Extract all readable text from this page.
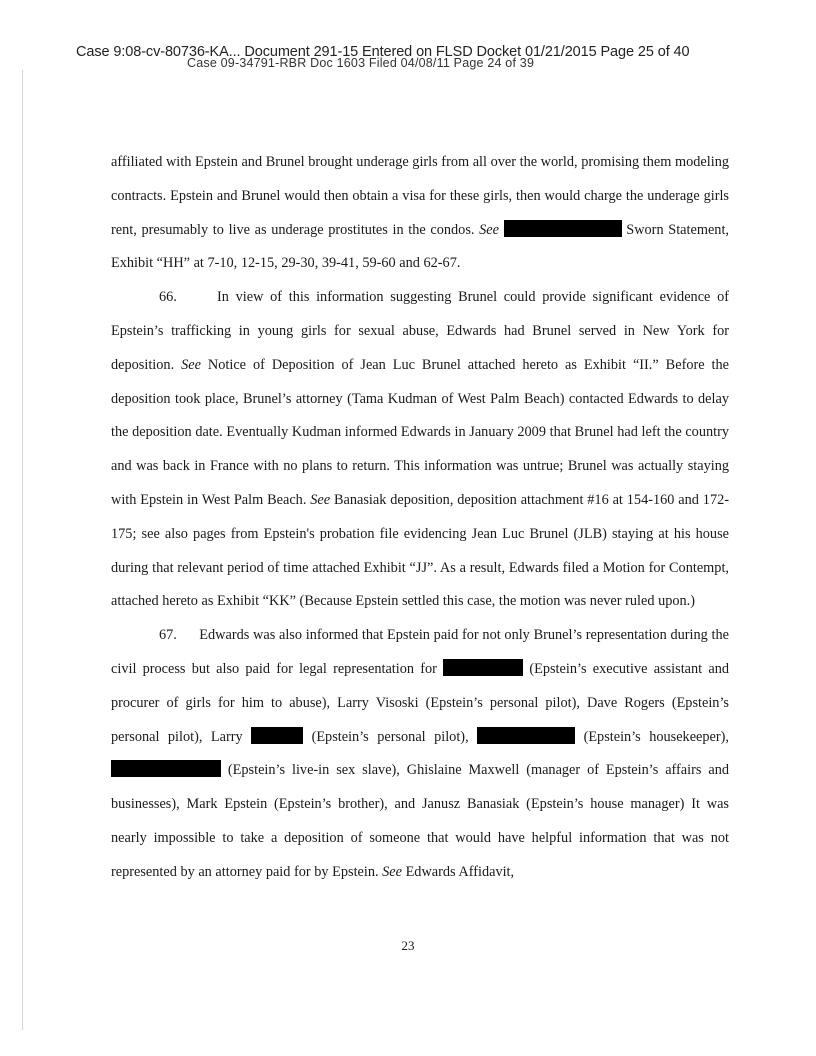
Case 9:08-cv-80736-KA... Document 291-15 Entered on FLSD Docket 01/21/2015 Page 25 of 40
Case 09-34791-RBR Doc 1603 Filed 04/08/11 Page 24 of 39

affiliated with Epstein and Brunel brought underage girls from all over the world, promising them modeling contracts. Epstein and Brunel would then obtain a visa for these girls, then would charge the underage girls rent, presumably to live as underage prostitutes in the condos. See	Sworn Statement, Exhibit “HH” at 7-10, 12-15, 29-30, 39-41, 59-60 and 62-67.

66.	In view of this information suggesting Brunel could provide significant evidence of Epstein’s trafficking in young girls for sexual abuse, Edwards had Brunel served in New York for deposition. See Notice of Deposition of Jean Luc Brunel attached hereto as Exhibit “II.” Before the deposition took place, Brunel’s attorney (Tama Kudman of West Palm Beach) contacted Edwards to delay the deposition date. Eventually Kudman informed Edwards in January 2009 that Brunel had left the country and was back in France with no plans to return. This information was untrue; Brunel was actually staying with Epstein in West Palm Beach. See Banasiak deposition, deposition attachment #16 at 154-160 and 172-175; see also pages from Epstein's probation file evidencing Jean Luc Brunel (JLB) staying at his house during that relevant period of time attached Exhibit “JJ”. As a result, Edwards filed a Motion for Contempt, attached hereto as Exhibit “KK” (Because Epstein settled this case, the motion was never ruled upon.)

67. Edwards was also informed that Epstein paid for not only Brunel’s representation during the civil process but also paid for legal representation for	(Epstein’s executive assistant and procurer of girls for him to abuse), Larry Visoski (Epstein’s personal pilot), Dave Rogers (Epstein’s personal pilot), Larry	(Epstein’s personal pilot),	(Epstein’s housekeeper),  (Epstein’s live-in sex slave), Ghislaine Maxwell (manager of Epstein’s affairs and businesses), Mark Epstein (Epstein’s brother), and Janusz Banasiak (Epstein’s house manager) It was nearly impossible to take a deposition of someone that would have helpful information that was not represented by an attorney paid for by Epstein. See Edwards Affidavit,

23
